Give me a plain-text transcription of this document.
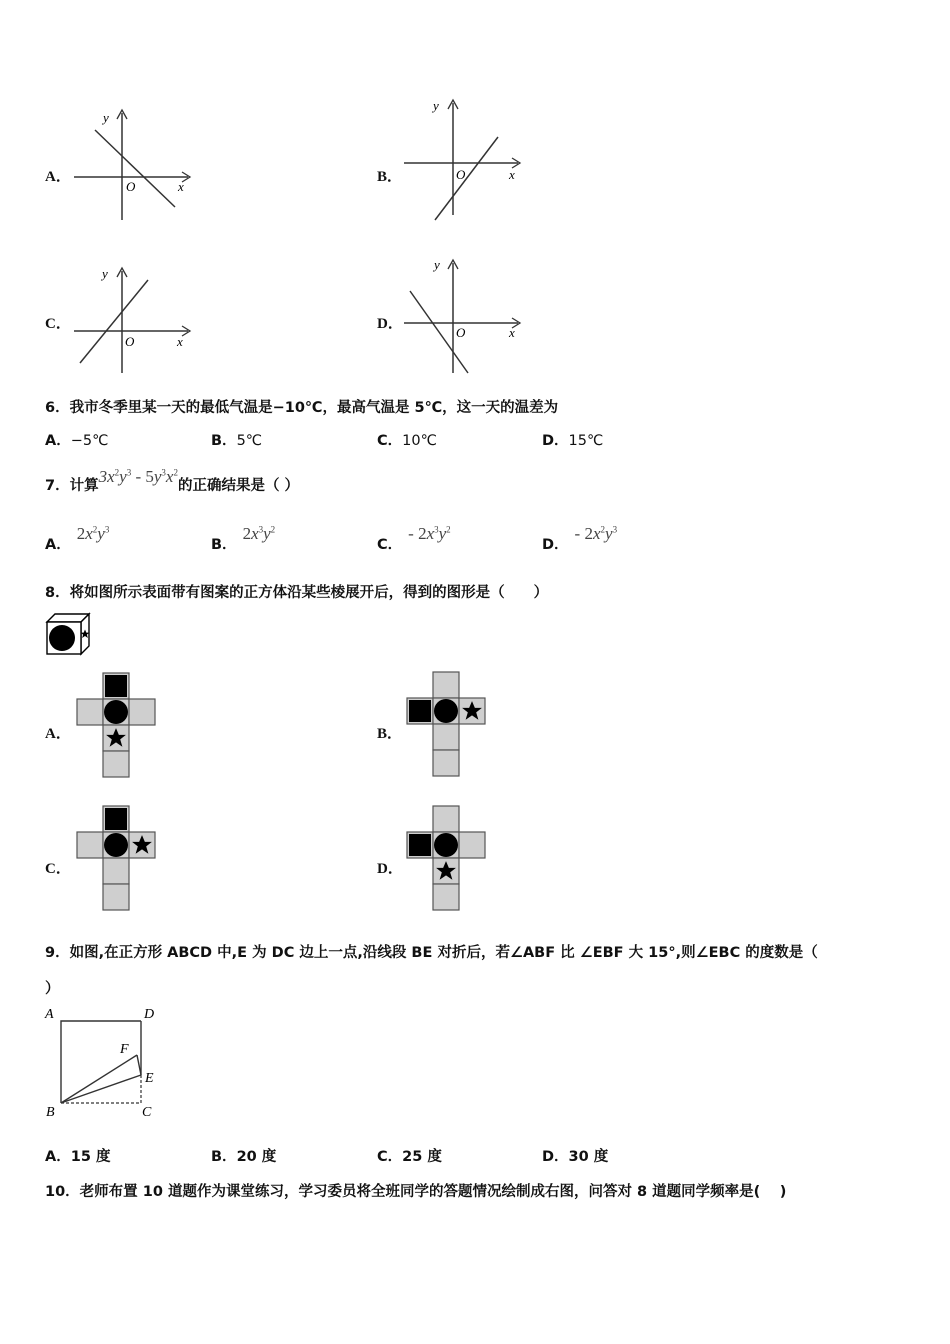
A．
y
O	x
B．
y
O	x
C．
y
O	x
D．
y
O	x
6．我市冬季里某一天的最低气温是−10℃，最高气温是 5℃，这一天的温差为
A．−5℃	B．5℃	C．10℃	D．15℃
7．计算$3x^2y^3 - 5y^3x^2$的正确结果是（ ）
A．$2x^2y^3$
B．$2x^3y^2$
C．- $2x^3y^2$
D．- $2x^2y^3$
8．将如图所示表面带有图案的正方体沿某些棱展开后，得到的图形是（　　）
A．	B．
C．	D．
9．如图,在正方形 ABCD 中,E 为 DC 边上一点,沿线段 BE 对折后，若∠ABF 比 ∠EBF 大 15°,则∠EBC 的度数是（
）
A	D
F
E
B	C
A．15 度	B．20 度	C．25 度	D．30 度
10．老师布置 10 道题作为课堂练习，学习委员将全班同学的答题情况绘制成右图，问答对 8 道题同学频率是(　 )
